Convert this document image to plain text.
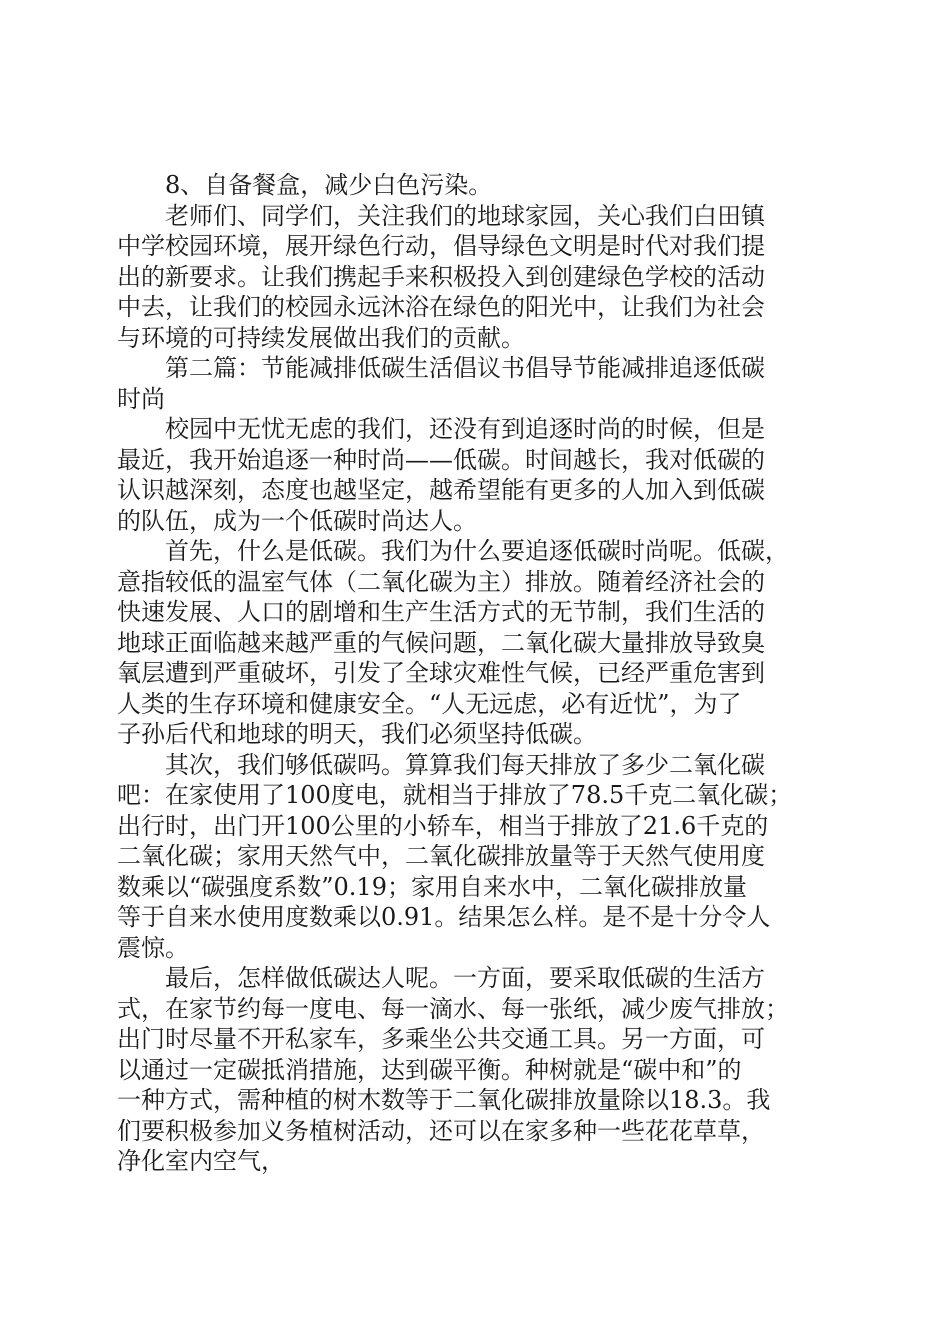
8、自备餐盒，减少白色污染。

老师们、同学们，关注我们的地球家园，关心我们白田镇
中学校园环境，展开绿色行动，倡导绿色文明是时代对我们提
出的新要求。让我们携起手来积极投入到创建绿色学校的活动
中去，让我们的校园永远沐浴在绿色的阳光中，让我们为社会
与环境的可持续发展做出我们的贡献。

第二篇：节能减排低碳生活倡议书倡导节能减排追逐低碳
时尚

校园中无忧无虑的我们，还没有到追逐时尚的时候，但是
最近，我开始追逐一种时尚——低碳。时间越长，我对低碳的
认识越深刻，态度也越坚定，越希望能有更多的人加入到低碳
的队伍，成为一个低碳时尚达人。

首先，什么是低碳。我们为什么要追逐低碳时尚呢。低碳，
意指较低的温室气体（二氧化碳为主）排放。随着经济社会的
快速发展、人口的剧增和生产生活方式的无节制，我们生活的
地球正面临越来越严重的气候问题，二氧化碳大量排放导致臭
氧层遭到严重破坏，引发了全球灾难性气候，已经严重危害到
人类的生存环境和健康安全。“人无远虑，必有近忧”，为了
子孙后代和地球的明天，我们必须坚持低碳。

其次，我们够低碳吗。算算我们每天排放了多少二氧化碳
吧：在家使用了100度电，就相当于排放了78.5千克二氧化碳；
出行时，出门开100公里的小轿车，相当于排放了21.6千克的
二氧化碳；家用天然气中，二氧化碳排放量等于天然气使用度
数乘以“碳强度系数”0.19；家用自来水中，二氧化碳排放量
等于自来水使用度数乘以0.91。结果怎么样。是不是十分令人
震惊。

最后，怎样做低碳达人呢。一方面，要采取低碳的生活方
式，在家节约每一度电、每一滴水、每一张纸，减少废气排放；
出门时尽量不开私家车，多乘坐公共交通工具。另一方面，可
以通过一定碳抵消措施，达到碳平衡。种树就是“碳中和”的
一种方式，需种植的树木数等于二氧化碳排放量除以18.3。我
们要积极参加义务植树活动，还可以在家多种一些花花草草，
净化室内空气，
